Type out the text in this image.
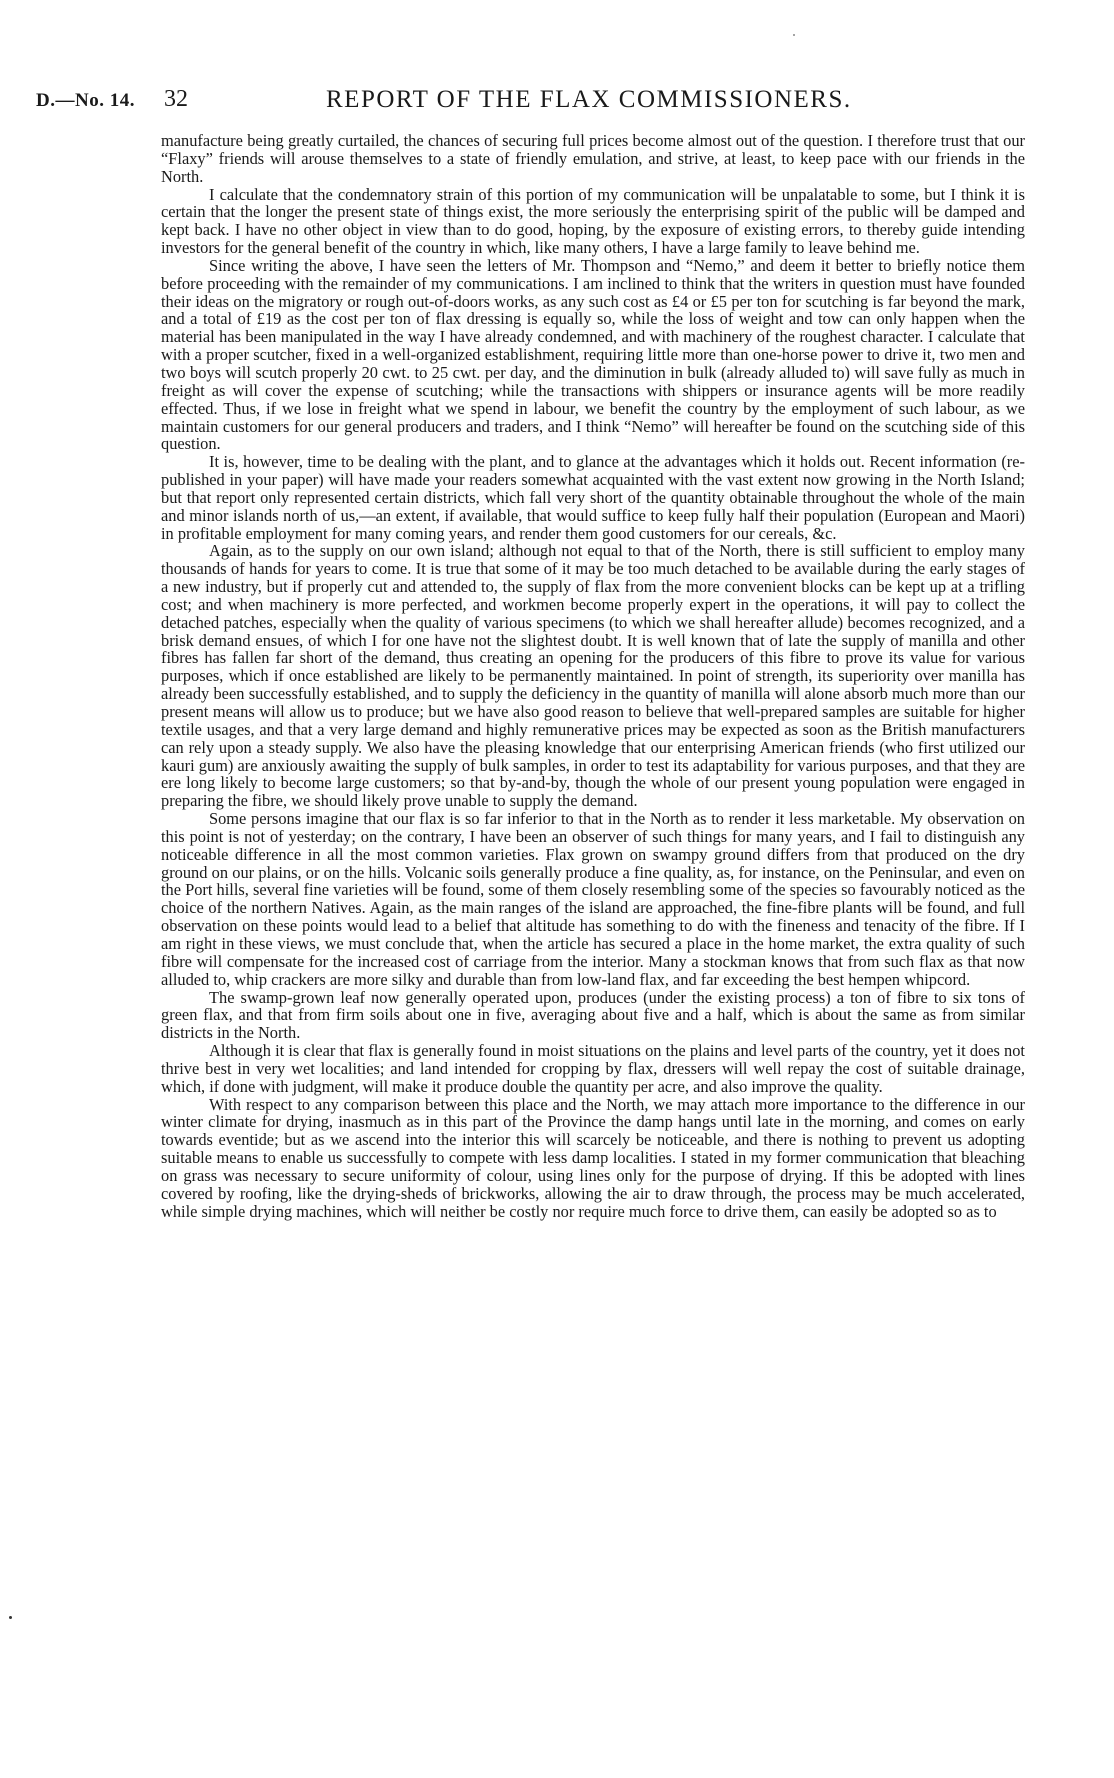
D.—No. 14. 32	REPORT OF THE FLAX COMMISSIONERS.

manufacture being greatly curtailed, the chances of securing full prices become almost out of the question. I therefore trust that our “Flaxy” friends will arouse themselves to a state of friendly emulation, and strive, at least, to keep pace with our friends in the North.

I calculate that the condemnatory strain of this portion of my communication will be unpalatable to some, but I think it is certain that the longer the present state of things exist, the more seriously the enterprising spirit of the public will be damped and kept back. I have no other object in view than to do good, hoping, by the exposure of existing errors, to thereby guide intending investors for the general benefit of the country in which, like many others, I have a large family to leave behind me.

Since writing the above, I have seen the letters of Mr. Thompson and “Nemo,” and deem it better to briefly notice them before proceeding with the remainder of my communications. I am inclined to think that the writers in question must have founded their ideas on the migratory or rough out-of-doors works, as any such cost as £4 or £5 per ton for scutching is far beyond the mark, and a total of £19 as the cost per ton of flax dressing is equally so, while the loss of weight and tow can only happen when the material has been manipulated in the way I have already condemned, and with machinery of the roughest character. I calculate that with a proper scutcher, fixed in a well-organized establishment, requiring little more than one-horse power to drive it, two men and two boys will scutch properly 20 cwt. to 25 cwt. per day, and the diminution in bulk (already alluded to) will save fully as much in freight as will cover the expense of scutching; while the transactions with shippers or insurance agents will be more readily effected. Thus, if we lose in freight what we spend in labour, we benefit the country by the employment of such labour, as we maintain customers for our general producers and traders, and I think “Nemo” will hereafter be found on the scutching side of this question.

It is, however, time to be dealing with the plant, and to glance at the advantages which it holds out. Recent information (re-published in your paper) will have made your readers somewhat acquainted with the vast extent now growing in the North Island; but that report only represented certain districts, which fall very short of the quantity obtainable throughout the whole of the main and minor islands north of us,—an extent, if available, that would suffice to keep fully half their population (European and Maori) in profitable employment for many coming years, and render them good customers for our cereals, &c.

Again, as to the supply on our own island; although not equal to that of the North, there is still sufficient to employ many thousands of hands for years to come. It is true that some of it may be too much detached to be available during the early stages of a new industry, but if properly cut and attended to, the supply of flax from the more convenient blocks can be kept up at a trifling cost; and when machinery is more perfected, and workmen become properly expert in the operations, it will pay to collect the detached patches, especially when the quality of various specimens (to which we shall hereafter allude) becomes recognized, and a brisk demand ensues, of which I for one have not the slightest doubt. It is well known that of late the supply of manilla and other fibres has fallen far short of the demand, thus creating an opening for the producers of this fibre to prove its value for various purposes, which if once established are likely to be permanently maintained. In point of strength, its superiority over manilla has already been successfully established, and to supply the deficiency in the quantity of manilla will alone absorb much more than our present means will allow us to produce; but we have also good reason to believe that well-prepared samples are suitable for higher textile usages, and that a very large demand and highly remunerative prices may be expected as soon as the British manufacturers can rely upon a steady supply. We also have the pleasing knowledge that our enterprising American friends (who first utilized our kauri gum) are anxiously awaiting the supply of bulk samples, in order to test its adaptability for various purposes, and that they are ere long likely to become large customers; so that by-and-by, though the whole of our present young population were engaged in preparing the fibre, we should likely prove unable to supply the demand.

Some persons imagine that our flax is so far inferior to that in the North as to render it less marketable. My observation on this point is not of yesterday; on the contrary, I have been an observer of such things for many years, and I fail to distinguish any noticeable difference in all the most common varieties. Flax grown on swampy ground differs from that produced on the dry ground on our plains, or on the hills. Volcanic soils generally produce a fine quality, as, for instance, on the Peninsular, and even on the Port hills, several fine varieties will be found, some of them closely resembling some of the species so favourably noticed as the choice of the northern Natives. Again, as the main ranges of the island are approached, the fine-fibre plants will be found, and full observation on these points would lead to a belief that altitude has something to do with the fineness and tenacity of the fibre. If I am right in these views, we must conclude that, when the article has secured a place in the home market, the extra quality of such fibre will compensate for the increased cost of carriage from the interior. Many a stockman knows that from such flax as that now alluded to, whip crackers are more silky and durable than from low-land flax, and far exceeding the best hempen whipcord.

The swamp-grown leaf now generally operated upon, produces (under the existing process) a ton of fibre to six tons of green flax, and that from firm soils about one in five, averaging about five and a half, which is about the same as from similar districts in the North.

Although it is clear that flax is generally found in moist situations on the plains and level parts of the country, yet it does not thrive best in very wet localities; and land intended for cropping by flax, dressers will well repay the cost of suitable drainage, which, if done with judgment, will make it produce double the quantity per acre, and also improve the quality.

With respect to any comparison between this place and the North, we may attach more importance to the difference in our winter climate for drying, inasmuch as in this part of the Province the damp hangs until late in the morning, and comes on early towards eventide; but as we ascend into the interior this will scarcely be noticeable, and there is nothing to prevent us adopting suitable means to enable us successfully to compete with less damp localities. I stated in my former communication that bleaching on grass was necessary to secure uniformity of colour, using lines only for the purpose of drying. If this be adopted with lines covered by roofing, like the drying-sheds of brickworks, allowing the air to draw through, the process may be much accelerated, while simple drying machines, which will neither be costly nor require much force to drive them, can easily be adopted so as to
